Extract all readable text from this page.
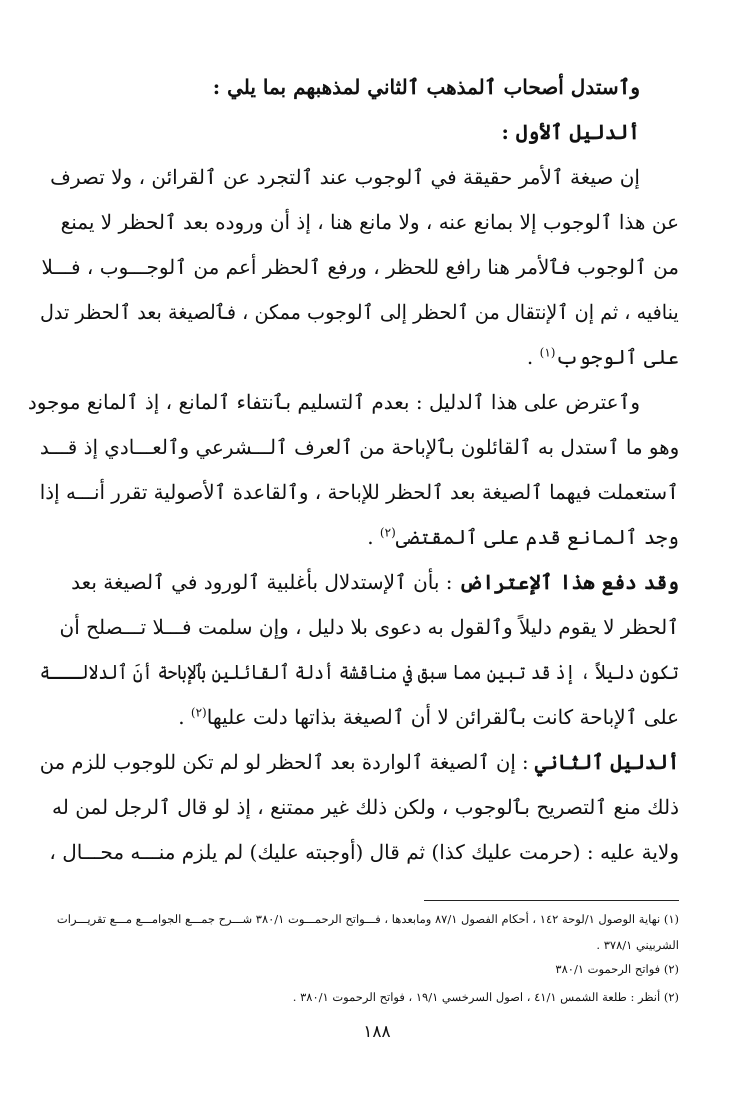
وٱستدل أصحاب ٱلمذهب ٱلثاني لمذهبهم بما يلي :
ألدليل ٱلأول :
إن صيغة ٱلأمر حقيقة في ٱلوجوب عند ٱلتجرد عن ٱلقرائن ، ولا تصرف
عن هذا ٱلوجوب إلا بمانع عنه ، ولا مانع هنا ، إذ أن وروده بعد ٱلحظر لا يمنع
من ٱلوجوب فٱلأمر هنا رافع للحظر ، ورفع ٱلحظر أعم من ٱلوجـــوب ، فـــلا
ينافيه ، ثم إن ٱلإنتقال من ٱلحظر إلى ٱلوجوب ممكن ، فٱلصيغة بعد ٱلحظر تدل
على ٱلوجوب$^{(١)}$ .
وٱعترض على هذا ٱلدليل : بعدم ٱلتسليم بٱنتفاء ٱلمانع ، إذ ٱلمانع موجود
وهو ما ٱستدل به ٱلقائلون بٱلإباحة من ٱلعرف ٱلـــشرعي وٱلعـــادي إذ قـــد
ٱستعملت فيهما ٱلصيغة بعد ٱلحظر للإباحة ، وٱلقاعدة ٱلأصولية تقرر أنـــه إذا
وجد ٱلمانع قدم على ٱلمقتضى$^{(٢)}$ .
وقد دفع هذا ٱلإعتراض : بأن ٱلإستدلال بأغلبية ٱلورود في ٱلصيغة بعد
ٱلحظر لا يقوم دليلاً وٱلقول به دعوى بلا دليل ، وإن سلمت فـــلا تـــصلح أن
تكون دليلاً ، إذ قد تبين مما سبق في مناقشة أدلة ٱلقائلين بٱلإباحة أنَ ٱلدلالـــة
على ٱلإباحة كانت بٱلقرائن لا أن ٱلصيغة بذاتها دلت عليها$^{(٢)}$ .
ألدليل ٱلثاني : إن ٱلصيغة ٱلواردة بعد ٱلحظر لو لم تكن للوجوب للزم من
ذلك منع ٱلتصريح بٱلوجوب ، ولكن ذلك غير ممتنع ، إذ لو قال ٱلرجل لمن له
ولاية عليه : (حرمت عليك كذا) ثم قال (أوجبته عليك) لم يلزم منـــه محـــال ،
(١) نهاية الوصول ١/لوحة ١٤٢ ، أحكام الفصول ٨٧/١ ومابعدها ، فـــواتح الرحمـــوت ٣٨٠/١ شـــرح جمـــع الجوامـــع مـــع تقريـــرات
الشربيني ٣٧٨/١ .
(٢) فواتح الرحموت ٣٨٠/١
(٢) أنظر : طلعة الشمس ٤١/١ ، اصول السرخسي ١٩/١ ، فواتح الرحموت ٣٨٠/١ .
١٨٨
